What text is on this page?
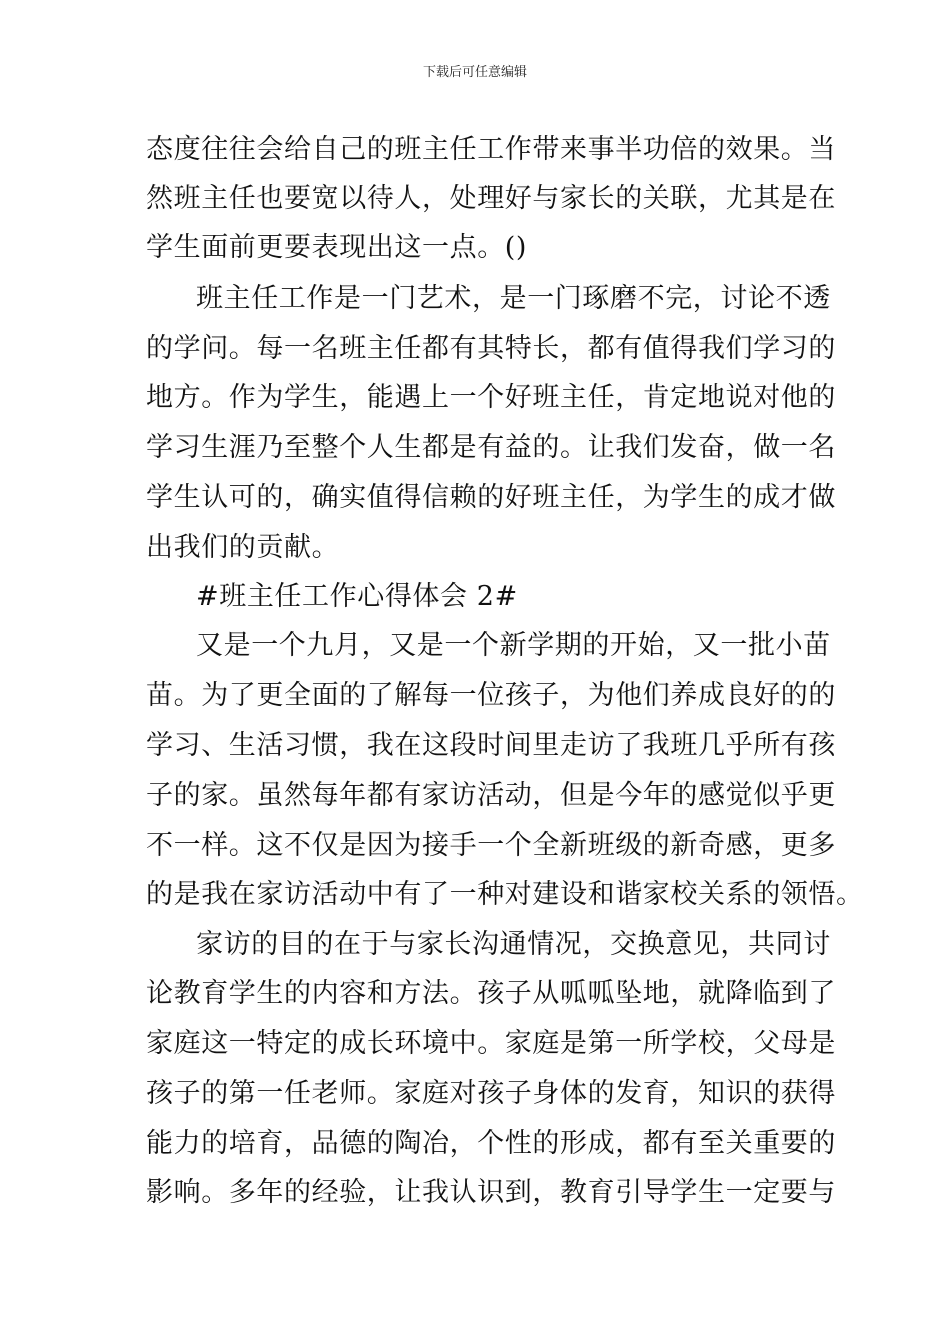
下载后可任意编辑
态度往往会给自己的班主任工作带来事半功倍的效果。当
然班主任也要宽以待人，处理好与家长的关联，尤其是在
学生面前更要表现出这一点。()
班主任工作是一门艺术，是一门琢磨不完，讨论不透
的学问。每一名班主任都有其特长，都有值得我们学习的
地方。作为学生，能遇上一个好班主任，肯定地说对他的
学习生涯乃至整个人生都是有益的。让我们发奋，做一名
学生认可的，确实值得信赖的好班主任，为学生的成才做
出我们的贡献。
#班主任工作心得体会 2#
又是一个九月，又是一个新学期的开始，又一批小苗
苗。为了更全面的了解每一位孩子，为他们养成良好的的
学习、生活习惯，我在这段时间里走访了我班几乎所有孩
子的家。虽然每年都有家访活动，但是今年的感觉似乎更
不一样。这不仅是因为接手一个全新班级的新奇感，更多
的是我在家访活动中有了一种对建设和谐家校关系的领悟。
家访的目的在于与家长沟通情况，交换意见，共同讨
论教育学生的内容和方法。孩子从呱呱坠地，就降临到了
家庭这一特定的成长环境中。家庭是第一所学校，父母是
孩子的第一任老师。家庭对孩子身体的发育，知识的获得
能力的培育，品德的陶冶，个性的形成，都有至关重要的
影响。多年的经验，让我认识到，教育引导学生一定要与
